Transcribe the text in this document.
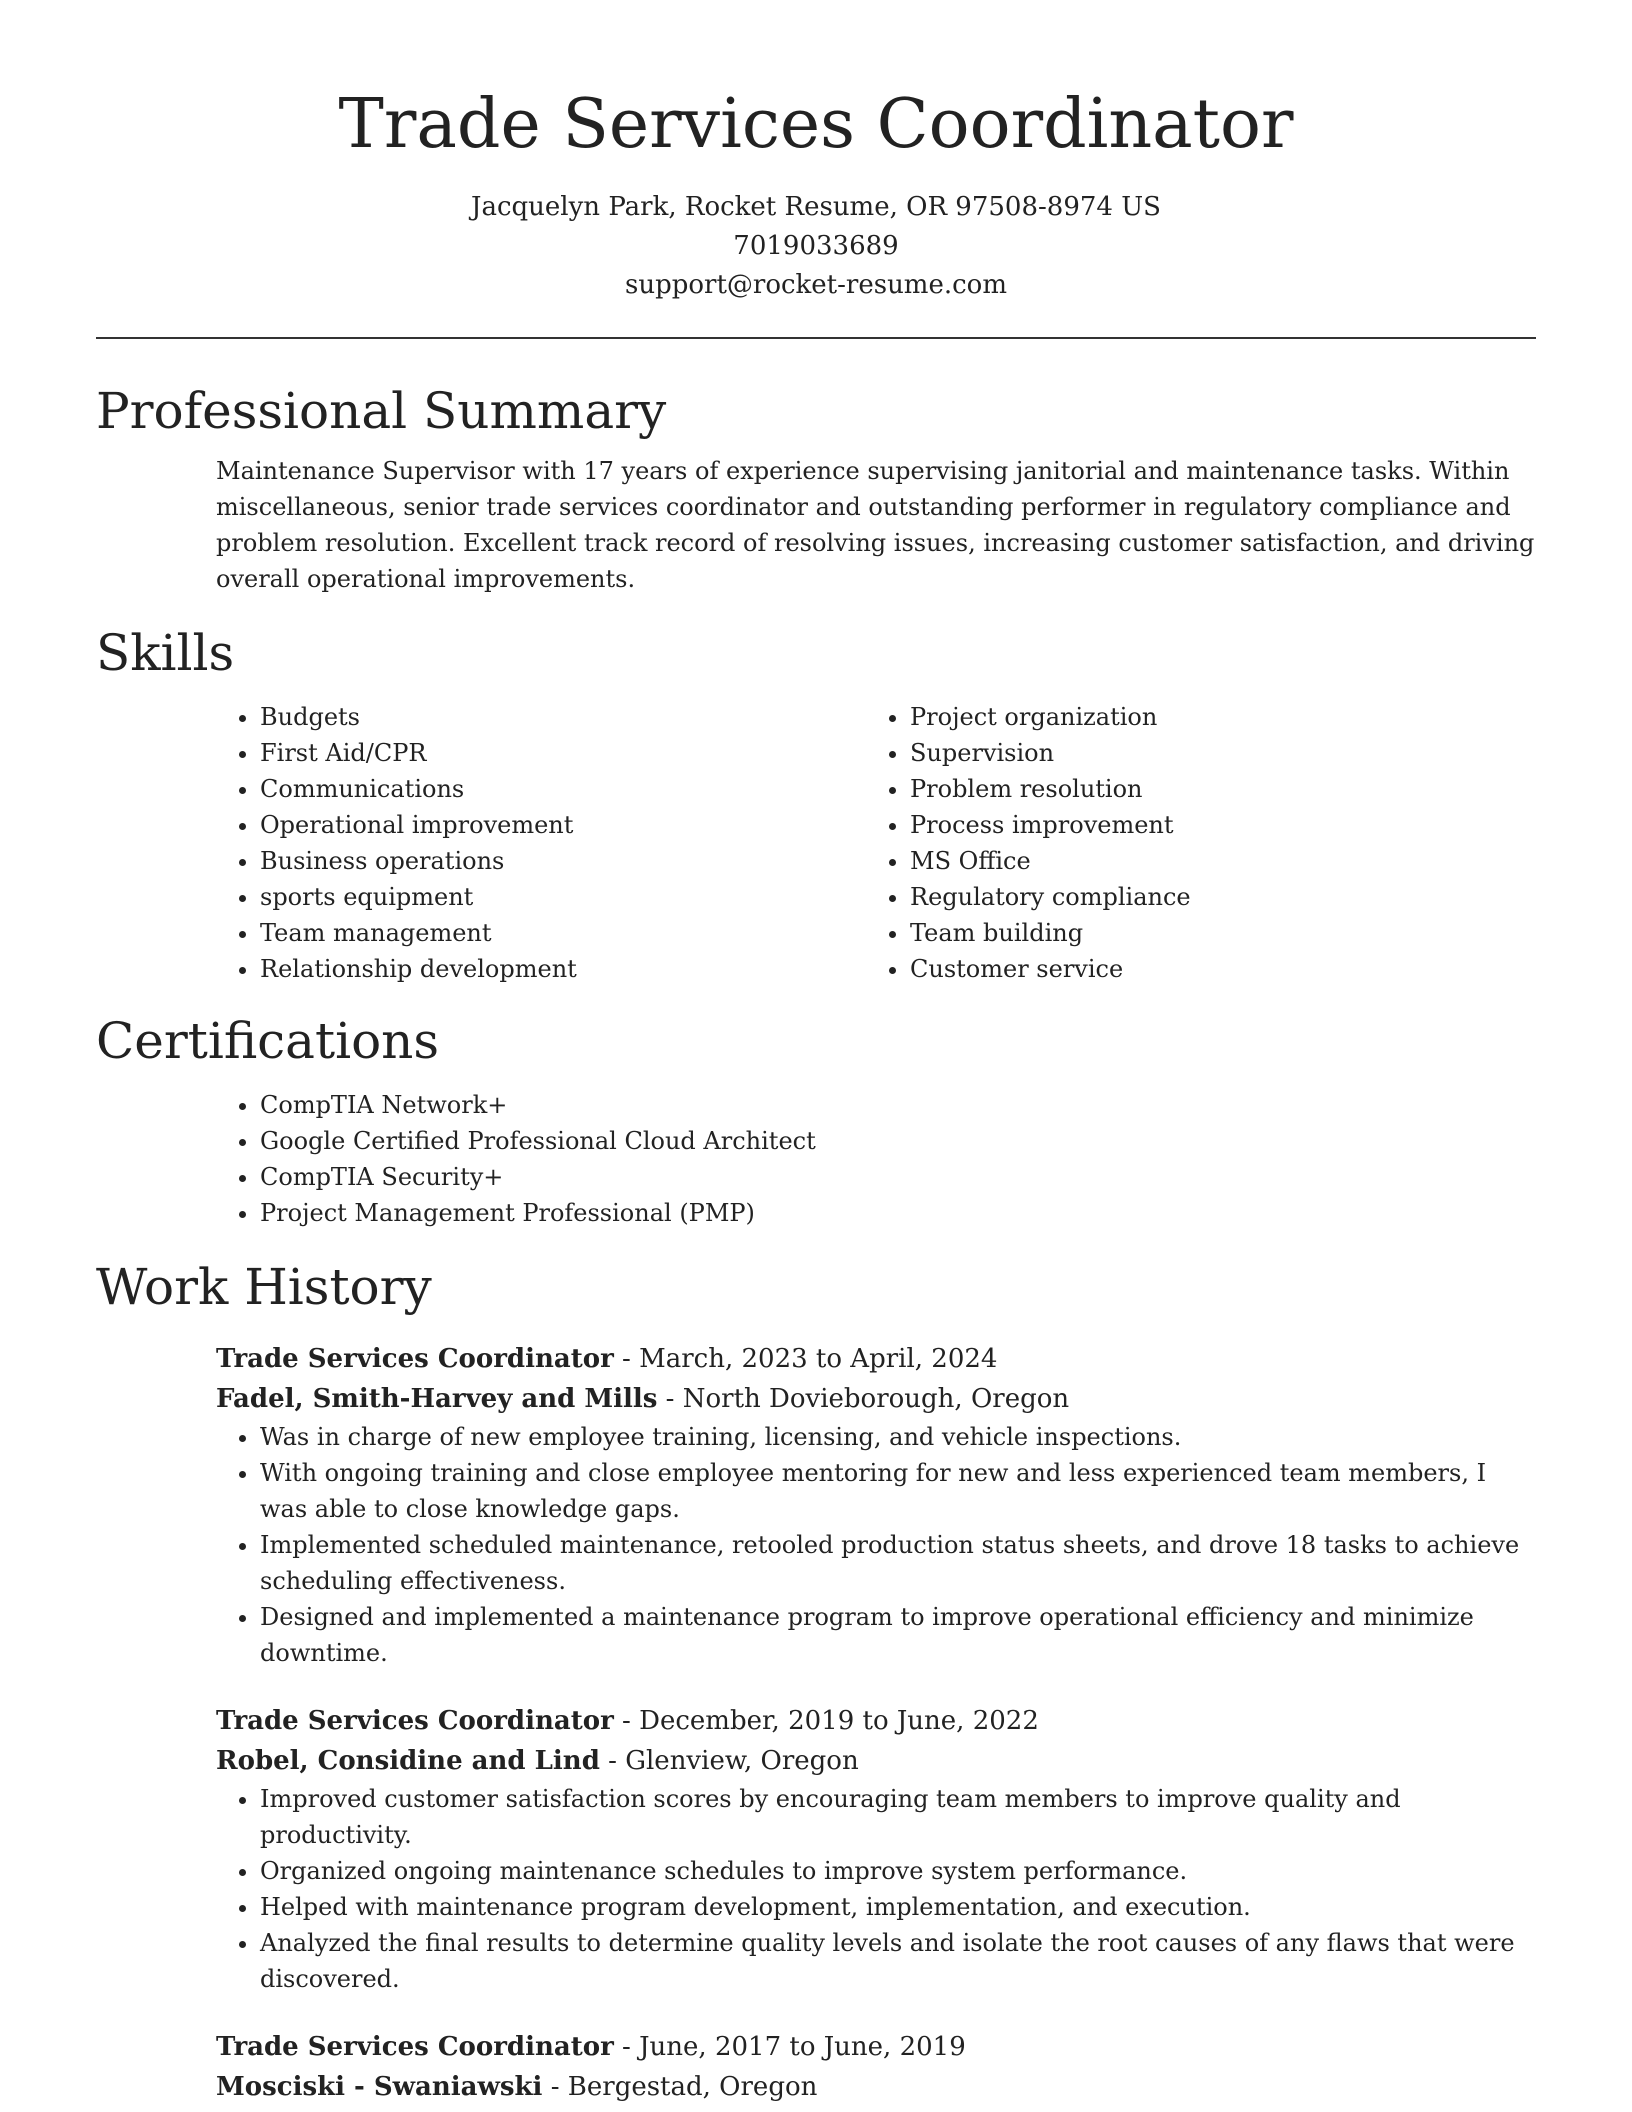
Trade Services Coordinator
Jacquelyn Park, Rocket Resume, OR 97508-8974 US
7019033689
support@rocket-resume.com
Professional Summary
Maintenance Supervisor with 17 years of experience supervising janitorial and maintenance tasks. Within miscellaneous, senior trade services coordinator and outstanding performer in regulatory compliance and problem resolution. Excellent track record of resolving issues, increasing customer satisfaction, and driving overall operational improvements.
Skills
• Budgets
• First Aid/CPR
• Communications
• Operational improvement
• Business operations
• sports equipment
• Team management
• Relationship development
• Project organization
• Supervision
• Problem resolution
• Process improvement
• MS Office
• Regulatory compliance
• Team building
• Customer service
Certifications
• CompTIA Network+
• Google Certified Professional Cloud Architect
• CompTIA Security+
• Project Management Professional (PMP)
Work History
Trade Services Coordinator - March, 2023 to April, 2024
Fadel, Smith-Harvey and Mills - North Dovieborough, Oregon
• Was in charge of new employee training, licensing, and vehicle inspections.
• With ongoing training and close employee mentoring for new and less experienced team members, I was able to close knowledge gaps.
• Implemented scheduled maintenance, retooled production status sheets, and drove 18 tasks to achieve scheduling effectiveness.
• Designed and implemented a maintenance program to improve operational efficiency and minimize downtime.
Trade Services Coordinator - December, 2019 to June, 2022
Robel, Considine and Lind - Glenview, Oregon
• Improved customer satisfaction scores by encouraging team members to improve quality and productivity.
• Organized ongoing maintenance schedules to improve system performance.
• Helped with maintenance program development, implementation, and execution.
• Analyzed the final results to determine quality levels and isolate the root causes of any flaws that were discovered.
Trade Services Coordinator - June, 2017 to June, 2019
Mosciski - Swaniawski - Bergestad, Oregon
